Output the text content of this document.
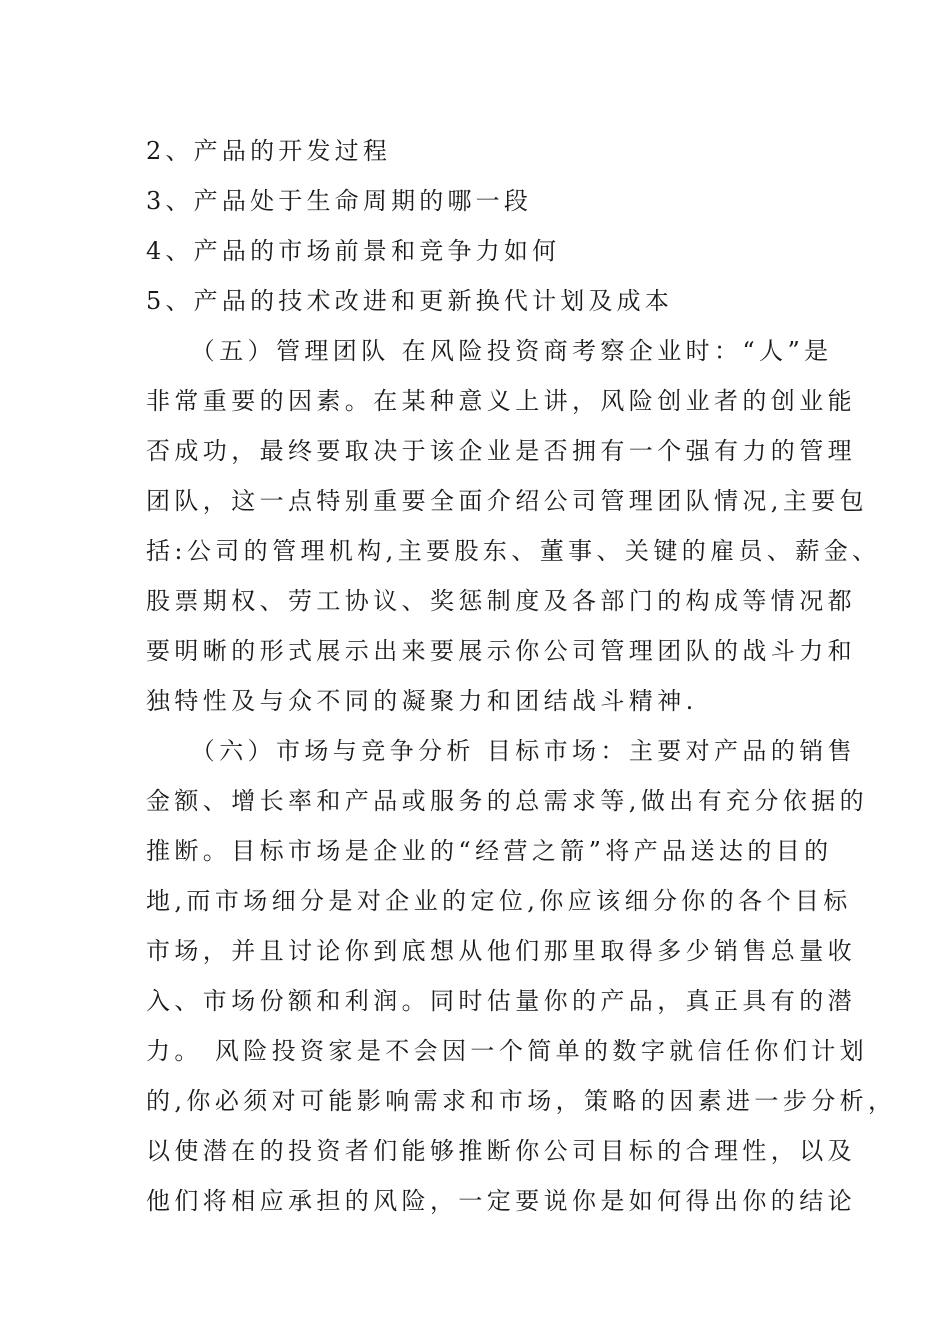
2、产品的开发过程
3、产品处于生命周期的哪一段
4、产品的市场前景和竞争力如何
5、产品的技术改进和更新换代计划及成本
　　（五）管理团队 在风险投资商考察企业时：“人”是
非常重要的因素。在某种意义上讲，风险创业者的创业能
否成功，最终要取决于该企业是否拥有一个强有力的管理
团队，这一点特别重要全面介绍公司管理团队情况,主要包
括:公司的管理机构,主要股东、董事、关键的雇员、薪金、
股票期权、劳工协议、奖惩制度及各部门的构成等情况都
要明晰的形式展示出来要展示你公司管理团队的战斗力和
独特性及与众不同的凝聚力和团结战斗精神.
　　（六）市场与竞争分析 目标市场：主要对产品的销售
金额、增长率和产品或服务的总需求等,做出有充分依据的
推断。目标市场是企业的“经营之箭”将产品送达的目的
地,而市场细分是对企业的定位,你应该细分你的各个目标
市场，并且讨论你到底想从他们那里取得多少销售总量收
入、市场份额和利润。同时估量你的产品，真正具有的潜
力。 风险投资家是不会因一个简单的数字就信任你们计划
的,你必须对可能影响需求和市场，策略的因素进一步分析，
以使潜在的投资者们能够推断你公司目标的合理性，以及
他们将相应承担的风险，一定要说你是如何得出你的结论
